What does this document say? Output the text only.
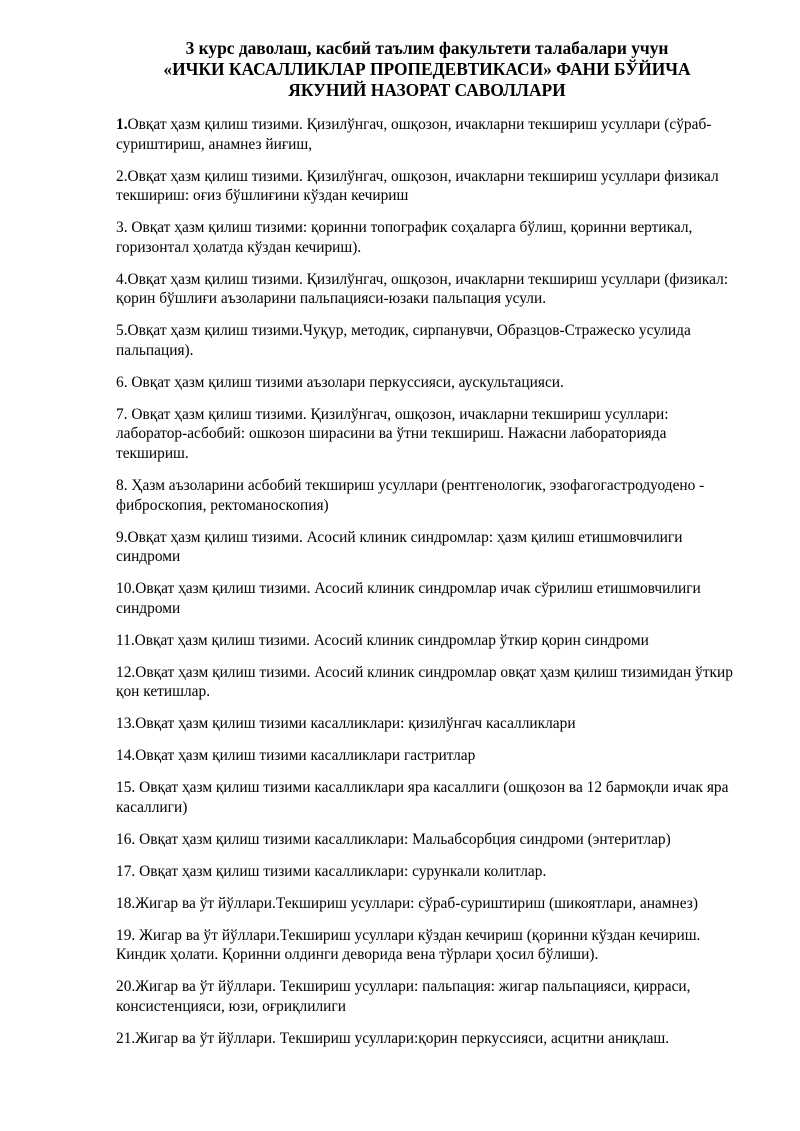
3 курс даволаш, касбий таълим факультети талабалари учун
«ИЧКИ КАСАЛЛИКЛАР ПРОПЕДЕВТИКАСИ» ФАНИ БЎЙИЧА
ЯКУНИЙ НАЗОРАТ САВОЛЛАРИ

1.Овқат ҳазм қилиш тизими. Қизилўнгач, ошқозон, ичакларни текшириш усуллари (сўраб-суриштириш, анамнез йиғиш,

2.Овқат ҳазм қилиш тизими. Қизилўнгач, ошқозон, ичакларни текшириш усуллари физикал текшириш: оғиз бўшлиғини кўздан кечириш

3. Овқат ҳазм қилиш тизими: қоринни топографик соҳаларга бўлиш, қоринни вертикал, горизонтал ҳолатда кўздан кечириш).

4.Овқат ҳазм қилиш тизими. Қизилўнгач, ошқозон, ичакларни текшириш усуллари (физикал: қорин бўшлиғи аъзоларини пальпацияси-юзаки пальпация усули.

5.Овқат ҳазм қилиш тизими.Чуқур, методик, сирпанувчи, Образцов-Стражеско усулида пальпация).

6. Овқат ҳазм қилиш тизими аъзолари перкуссияси, аускультацияси.

7. Овқат ҳазм қилиш тизими. Қизилўнгач, ошқозон, ичакларни текшириш усуллари: лаборатор-асбобий: ошкозон ширасини ва ўтни текшириш. Нажасни лабораторияда текшириш.

8. Ҳазм аъзоларини асбобий текшириш усуллари (рентгенологик, эзофагогастродуодено - фиброскопия, ректоманоскопия)

9.Овқат ҳазм қилиш тизими. Асосий клиник синдромлар: ҳазм қилиш етишмовчилиги синдроми

10.Овқат ҳазм қилиш тизими. Асосий клиник синдромлар ичак сўрилиш етишмовчилиги синдроми

11.Овқат ҳазм қилиш тизими. Асосий клиник синдромлар ўткир қорин синдроми

12.Овқат ҳазм қилиш тизими. Асосий клиник синдромлар овқат ҳазм қилиш тизимидан ўткир қон кетишлар.

13.Овқат ҳазм қилиш тизими касалликлари: қизилўнгач касалликлари

14.Овқат ҳазм қилиш тизими касалликлари гастритлар

15. Овқат ҳазм қилиш тизими касалликлари яра касаллиги (ошқозон ва 12 бармоқли ичак яра касаллиги)

16. Овқат ҳазм қилиш тизими касалликлари: Мальабсорбция синдроми (энтеритлар)

17. Овқат ҳазм қилиш тизими касалликлари: сурункали колитлар.

18.Жигар ва ўт йўллари.Текшириш усуллари: сўраб-суриштириш (шикоятлари, анамнез)

19. Жигар ва ўт йўллари.Текшириш усуллари кўздан кечириш (қоринни кўздан кечириш. Киндик ҳолати. Қоринни олдинги деворида вена тўрлари ҳосил бўлиши).

20.Жигар ва ўт йўллари. Текшириш усуллари: пальпация: жигар пальпацияси, қирраси, консистенцияси, юзи, оғриқлилиги

21.Жигар ва ўт йўллари. Текшириш усуллари:қорин перкуссияси, асцитни аниқлаш.
